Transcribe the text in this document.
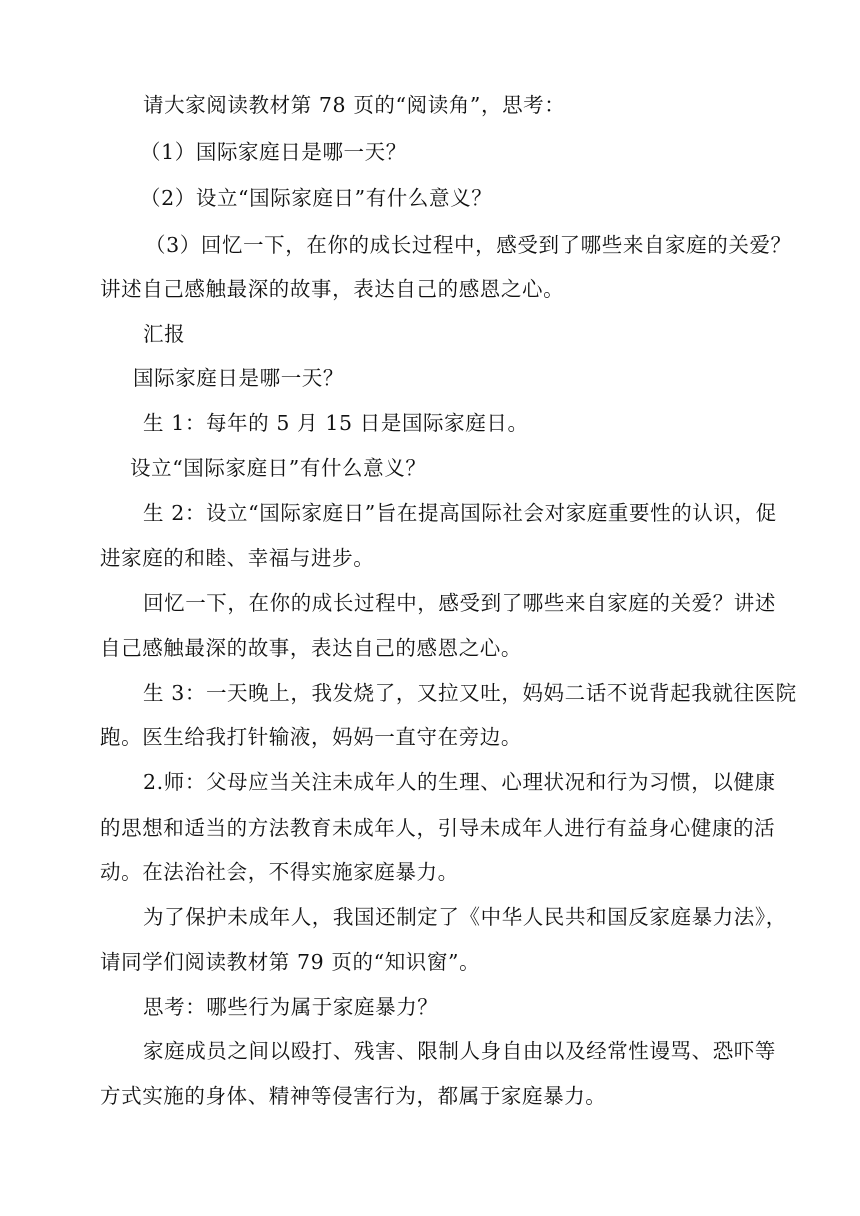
请大家阅读教材第 78 页的“阅读角”，思考：
（1）国际家庭日是哪一天？
（2）设立“国际家庭日”有什么意义？
（3）回忆一下，在你的成长过程中，感受到了哪些来自家庭的关爱？
讲述自己感触最深的故事，表达自己的感恩之心。
汇报
国际家庭日是哪一天？
生 1：每年的 5 月 15 日是国际家庭日。
设立“国际家庭日”有什么意义？
生 2：设立“国际家庭日”旨在提高国际社会对家庭重要性的认识，促
进家庭的和睦、幸福与进步。
回忆一下，在你的成长过程中，感受到了哪些来自家庭的关爱？讲述
自己感触最深的故事，表达自己的感恩之心。
生 3：一天晚上，我发烧了，又拉又吐，妈妈二话不说背起我就往医院
跑。医生给我打针输液，妈妈一直守在旁边。
2.师：父母应当关注未成年人的生理、心理状况和行为习惯，以健康
的思想和适当的方法教育未成年人，引导未成年人进行有益身心健康的活
动。在法治社会，不得实施家庭暴力。
为了保护未成年人，我国还制定了《中华人民共和国反家庭暴力法》，
请同学们阅读教材第 79 页的“知识窗”。
思考：哪些行为属于家庭暴力？
家庭成员之间以殴打、残害、限制人身自由以及经常性谩骂、恐吓等
方式实施的身体、精神等侵害行为，都属于家庭暴力。
